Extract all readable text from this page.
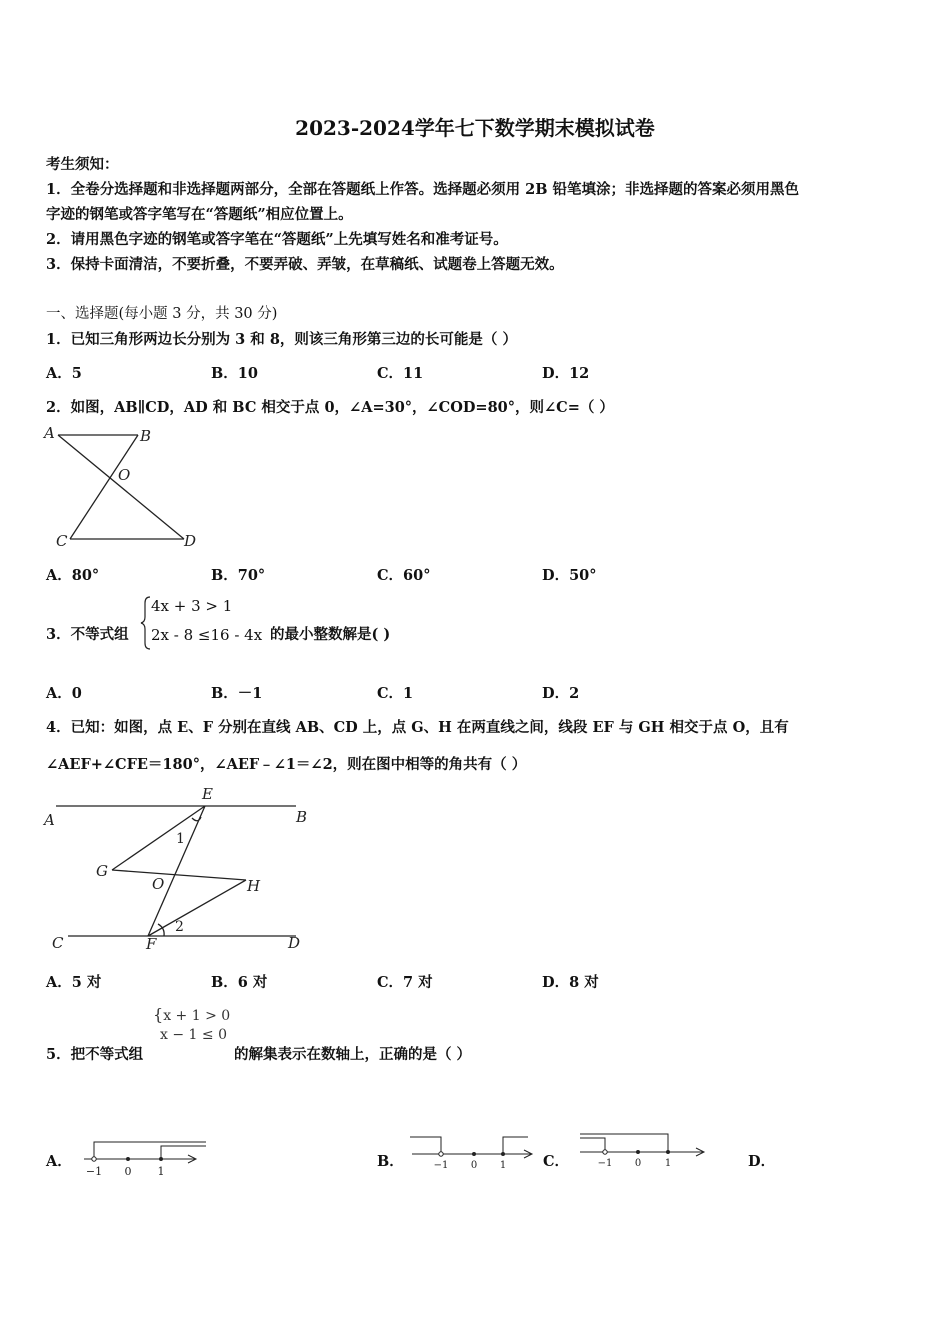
2023-2024学年七下数学期末模拟试卷
考生须知：
1．全卷分选择题和非选择题两部分，全部在答题纸上作答。选择题必须用 2B 铅笔填涂；非选择题的答案必须用黑色
字迹的钢笔或答字笔写在“答题纸”相应位置上。
2．请用黑色字迹的钢笔或答字笔在“答题纸”上先填写姓名和准考证号。
3．保持卡面清洁，不要折叠，不要弄破、弄皱，在草稿纸、试题卷上答题无效。
一、选择题(每小题 3 分，共 30 分)
1．已知三角形两边长分别为 3 和 8，则该三角形第三边的长可能是（ ）
A．5	B．10	C．11	D．12
2．如图，AB∥CD，AD 和 BC 相交于点 0，∠A=30°，∠COD=80°，则∠C=（ ）
A	B
O
C	D
A．80°	B．70°	C．60°	D．50°
3．不等式组
4x + 3 > 1
2x - 8 ≤16 - 4x 的最小整数解是( )
A．0	B．－1	C．1	D．2
4．已知：如图，点 E、F 分别在直线 AB、CD 上，点 G、H 在两直线之间，线段 EF 与 GH 相交于点 O，且有
∠AEF+∠CFE＝180°，∠AEF﹣∠1＝∠2，则在图中相等的角共有（ ）
A	B
E
G
O	H
C	F	D
1
2
A．5 对	B．6 对	C．7 对	D．8 对
5．把不等式组
{x + 1 > 0
x − 1 ≤ 0
的解集表示在数轴上，正确的是（ ）
A．
−1 0 1
B．	−1 0 1	C．	−1 0 1	D．
